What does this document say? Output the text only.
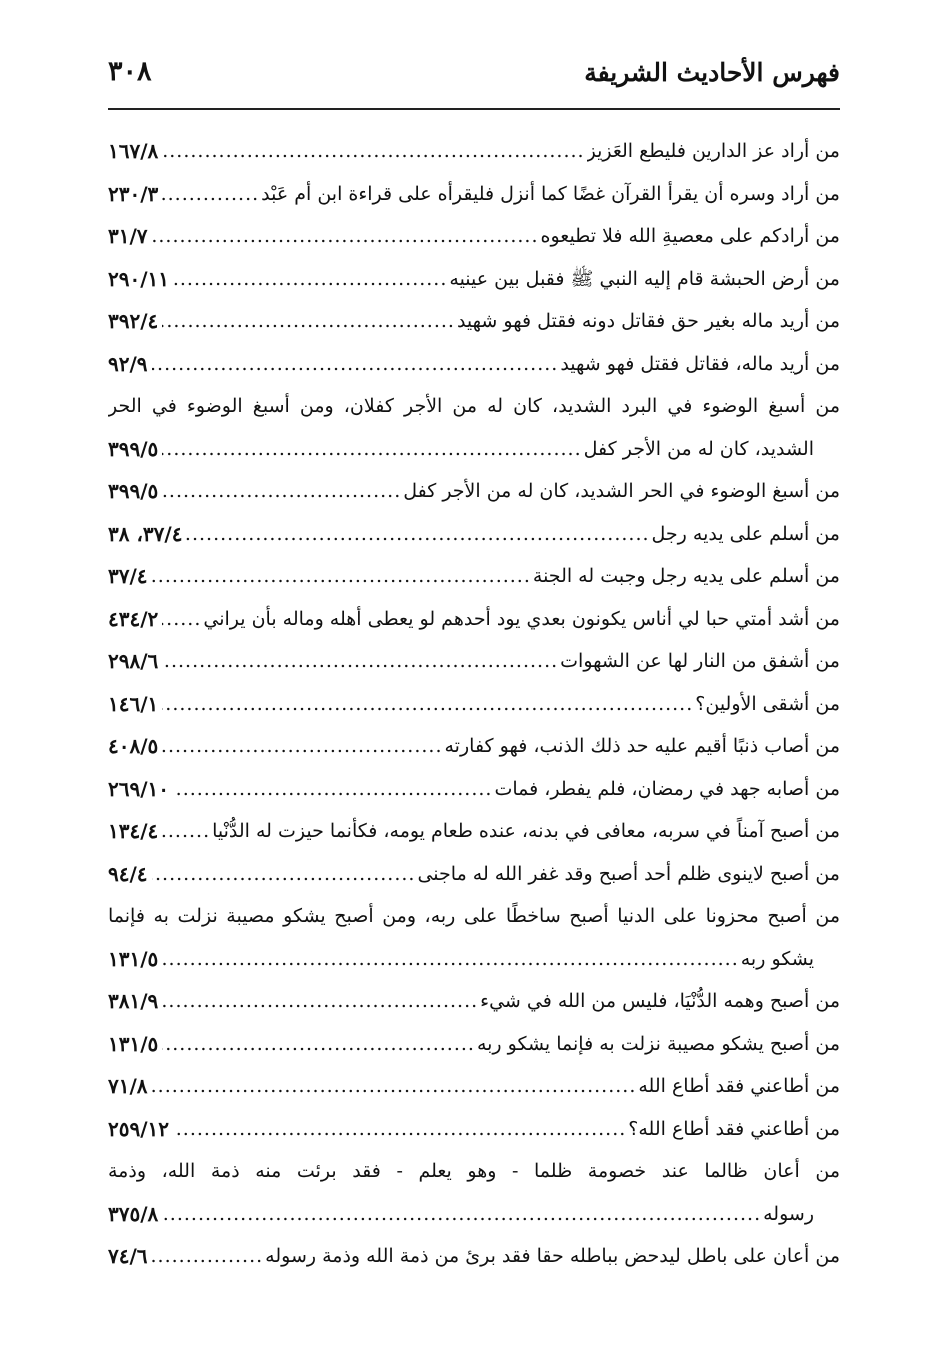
فهرس الأحاديث الشريفة
٣٠٨
من أراد عز الدارين فليطع العَزيز
.....
١٦٧/٨
من أراد وسره أن يقرأ القرآن غضًا كما أنزل فليقرأه على قراءة ابن أم عَبْد
.....
٢٣٠/٣
من أرادكم على معصيةِ الله فلا تطيعوه
.....
٣١/٧
من أرض الحبشة قام إليه النبي ﷺ فقبل بين عينيه
.....
٢٩٠/١١
من أريد ماله بغير حق فقاتل دونه فقتل فهو شهيد
.....
٣٩٢/٤
من أريد ماله، فقاتل فقتل فهو شهيد
.....
٩٢/٩
من أسبغ الوضوء في البرد الشديد، كان له من الأجر كفلان، ومن أسبغ الوضوء في الحر
الشديد، كان له من الأجر كفل
.....
٣٩٩/٥
من أسبغ الوضوء في الحر الشديد، كان له من الأجر كفل
.....
٣٩٩/٥
من أسلم على يديه رجل
.....
٣٧/٤، ٣٨
من أسلم على يديه رجل وجبت له الجنة
.....
٣٧/٤
من أشد أمتي حبا لي أناس يكونون بعدي يود أحدهم لو يعطى أهله وماله بأن يراني
.....
٤٣٤/٢
من أشفق من النار لها عن الشهوات
.....
٢٩٨/٦
من أشقى الأولين؟
.....
١٤٦/١
من أصاب ذنبًا أقيم عليه حد ذلك الذنب، فهو كفارته
.....
٤٠٨/٥
من أصابه جهد في رمضان، فلم يفطر، فمات
.....
٢٦٩/١٠
من أصبح آمناً في سربه، معافى في بدنه، عنده طعام يومه، فكأنما حيزت له الدُّنْيا
.....
١٣٤/٤
من أصبح لاينوى ظلم أحد أصبح وقد غفر الله له ماجنى
.....
٩٤/٤
من أصبح محزونا على الدنيا أصبح ساخطًا على ربه، ومن أصبح يشكو مصيبة نزلت به فإنما
يشكو ربه
.....
١٣١/٥
من أصبح وهمه الدُّنْيَا، فليس من الله في شيء
.....
٣٨١/٩
من أصبح يشكو مصيبة نزلت به فإنما يشكو ربه
.....
١٣١/٥
من أطاعني فقد أطاع الله
.....
٧١/٨
من أطاعني فقد أطاع الله؟
.....
٢٥٩/١٢
من أعان ظالما عند خصومة ظلما - وهو يعلم - فقد برئت منه ذمة الله، وذمة
رسوله
.....
٣٧٥/٨
من أعان على باطل ليدحض بباطله حقا فقد برئ من ذمة الله وذمة رسوله
.....
٧٤/٦
